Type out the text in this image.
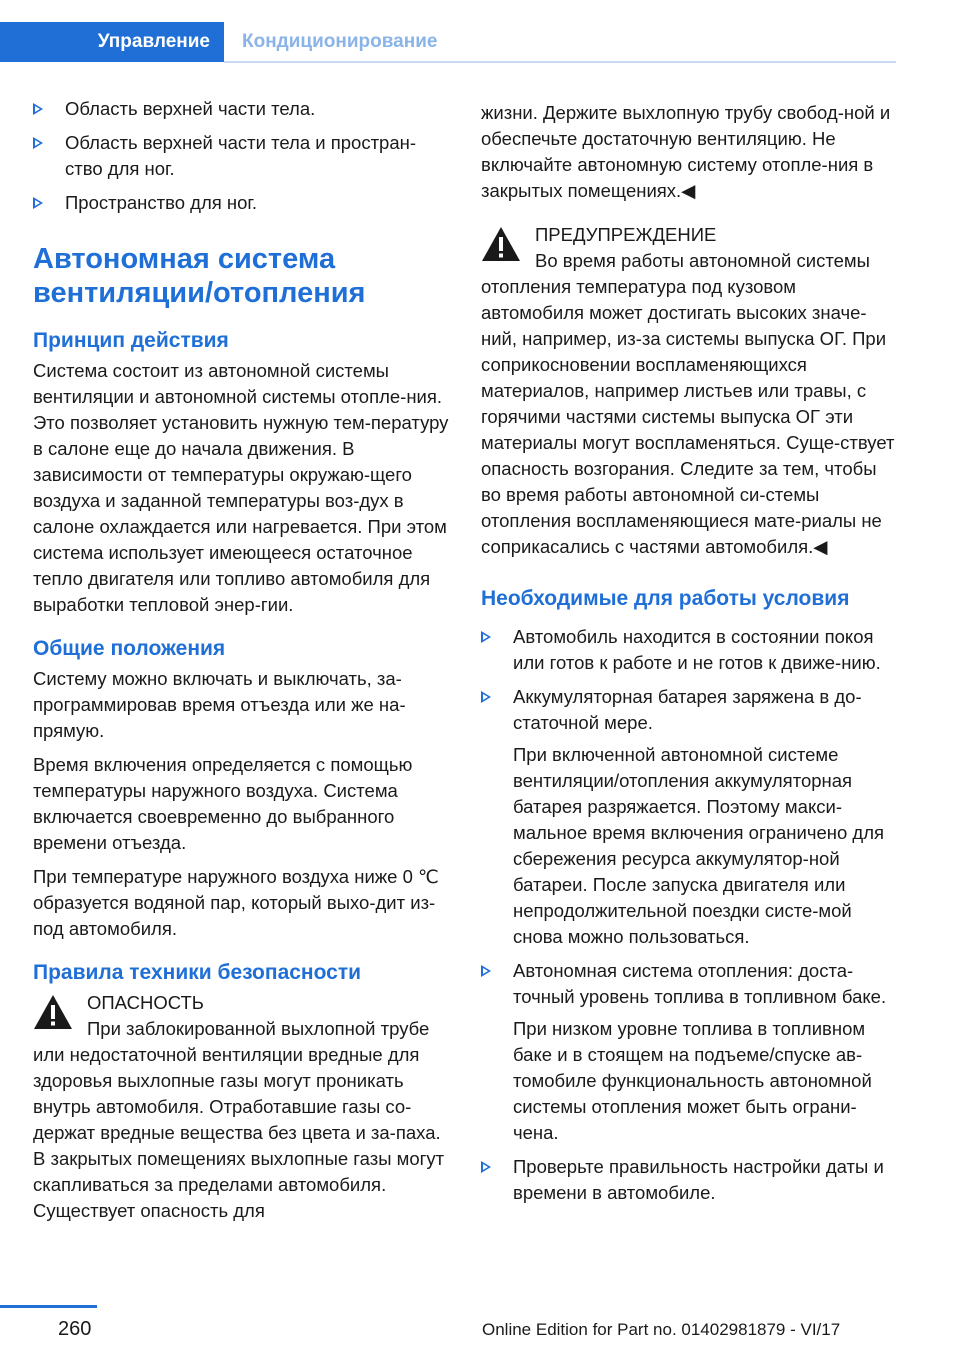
Управление Кондиционирование
Область верхней части тела.
Область верхней части тела и простран-ство для ног.
Пространство для ног.
Автономная система вентиляции/отопления
Принцип действия

Система состоит из автономной системы вентиляции и автономной системы отопле-ния. Это позволяет установить нужную тем-пературу в салоне еще до начала движения. В зависимости от температуры окружаю-щего воздуха и заданной температуры воз-дух в салоне охлаждается или нагревается. При этом система использует имеющееся остаточное тепло двигателя или топливо автомобиля для выработки тепловой энер-гии.

Общие положения

Систему можно включать и выключать, за-программировав время отъезда или же на-прямую.

Время включения определяется с помощью температуры наружного воздуха. Система включается своевременно до выбранного времени отъезда.

При температуре наружного воздуха ниже 0 ℃ образуется водяной пар, который выхо-дит из-под автомобиля.

Правила техники безопасности
ОПАСНОСТЬ
При заблокированной выхлопной трубе
или недостаточной вентиляции вредные для здоровья выхлопные газы могут проникать внутрь автомобиля. Отработавшие газы со-держат вредные вещества без цвета и за-паха. В закрытых помещениях выхлопные газы могут скапливаться за пределами автомобиля. Существует опасность для

жизни. Держите выхлопную трубу свобод-ной и обеспечьте достаточную вентиляцию. Не включайте автономную систему отопле-ния в закрытых помещениях.◀

ПРЕДУПРЕЖДЕНИЕ
Во время работы автономной системы
отопления температура под кузовом автомобиля может достигать высоких значе-ний, например, из-за системы выпуска ОГ. При соприкосновении воспламеняющихся материалов, например листьев или травы, с горячими частями системы выпуска ОГ эти материалы могут воспламеняться. Суще-ствует опасность возгорания. Следите за тем, чтобы во время работы автономной си-стемы отопления воспламеняющиеся мате-риалы не соприкасались с частями автомобиля.◀
Необходимые для работы условия
Автомобиль находится в состоянии покоя или готов к работе и не готов к движе-нию.
Аккумуляторная батарея заряжена в до-статочной мере.
При включенной автономной системе вентиляции/отопления аккумуляторная батарея разряжается. Поэтому макси-мальное время включения ограничено для сбережения ресурса аккумулятор-ной батареи. После запуска двигателя или непродолжительной поездки систе-мой снова можно пользоваться.
Автономная система отопления: доста-точный уровень топлива в топливном баке.
При низком уровне топлива в топливном баке и в стоящем на подъеме/спуске ав-томобиле функциональность автономной системы отопления может быть ограни-чена.
Проверьте правильность настройки даты и времени в автомобиле.
260	Online Edition for Part no. 01402981879 - VI/17
